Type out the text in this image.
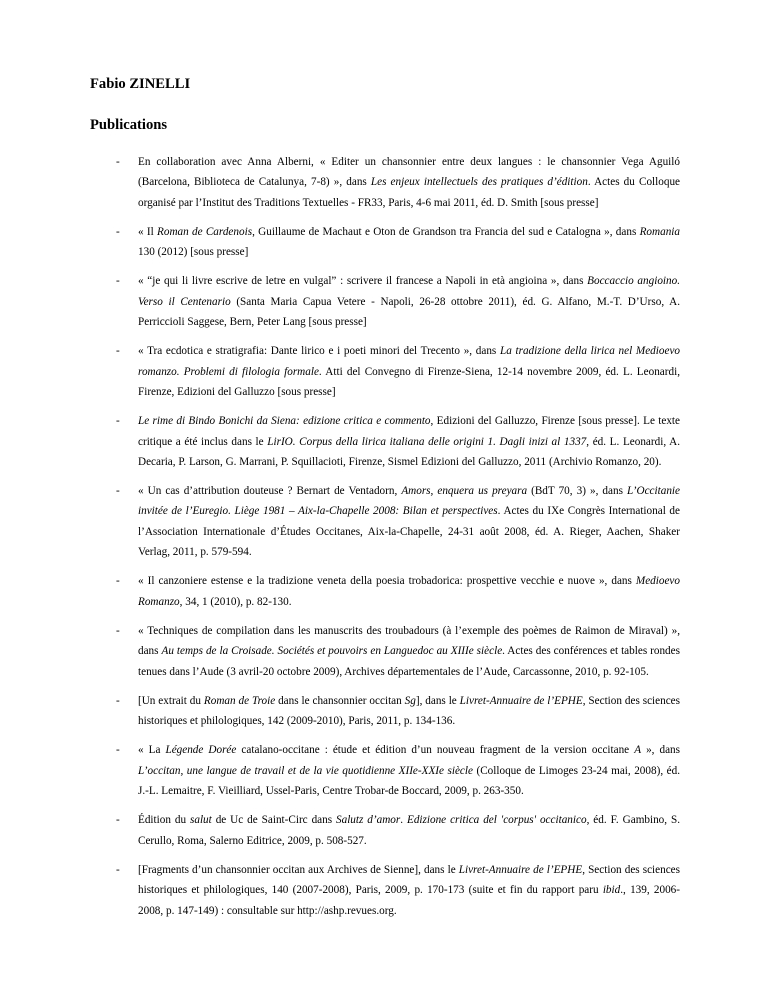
Fabio ZINELLI
Publications
- En collaboration avec Anna Alberni, « Editer un chansonnier entre deux langues : le chansonnier Vega Aguiló (Barcelona, Biblioteca de Catalunya, 7-8) », dans Les enjeux intellectuels des pratiques d’édition. Actes du Colloque organisé par l’Institut des Traditions Textuelles - FR33, Paris, 4-6 mai 2011, éd. D. Smith [sous presse]
- « Il Roman de Cardenois, Guillaume de Machaut e Oton de Grandson tra Francia del sud e Catalogna », dans Romania 130 (2012) [sous presse]
- « “je qui li livre escrive de letre en vulgal” : scrivere il francese a Napoli in età angioina », dans Boccaccio angioino. Verso il Centenario (Santa Maria Capua Vetere - Napoli, 26-28 ottobre 2011), éd. G. Alfano, M.-T. D’Urso, A. Perriccioli Saggese, Bern, Peter Lang [sous presse]
- « Tra ecdotica e stratigrafia: Dante lirico e i poeti minori del Trecento », dans La tradizione della lirica nel Medioevo romanzo. Problemi di filologia formale. Atti del Convegno di Firenze-Siena, 12-14 novembre 2009, éd. L. Leonardi, Firenze, Edizioni del Galluzzo [sous presse]
- Le rime di Bindo Bonichi da Siena: edizione critica e commento, Edizioni del Galluzzo, Firenze [sous presse]. Le texte critique a été inclus dans le LirIO. Corpus della lirica italiana delle origini 1. Dagli inizi al 1337, éd. L. Leonardi, A. Decaria, P. Larson, G. Marrani, P. Squillacioti, Firenze, Sismel Edizioni del Galluzzo, 2011 (Archivio Romanzo, 20).
- « Un cas d’attribution douteuse ? Bernart de Ventadorn, Amors, enquera us preyara (BdT 70, 3) », dans L’Occitanie invitée de l’Euregio. Liège 1981 – Aix-la-Chapelle 2008: Bilan et perspectives. Actes du IXe Congrès International de l’Association Internationale d’Études Occitanes, Aix-la-Chapelle, 24-31 août 2008, éd. A. Rieger, Aachen, Shaker Verlag, 2011, p. 579-594.
- « Il canzoniere estense e la tradizione veneta della poesia trobadorica: prospettive vecchie e nuove », dans Medioevo Romanzo, 34, 1 (2010), p. 82-130.
- « Techniques de compilation dans les manuscrits des troubadours (à l’exemple des poèmes de Raimon de Miraval) », dans Au temps de la Croisade. Sociétés et pouvoirs en Languedoc au XIIIe siècle. Actes des conférences et tables rondes tenues dans l’Aude (3 avril-20 octobre 2009), Archives départementales de l’Aude, Carcassonne, 2010, p. 92-105.
- [Un extrait du Roman de Troie dans le chansonnier occitan Sg], dans le Livret-Annuaire de l’EPHE, Section des sciences historiques et philologiques, 142 (2009-2010), Paris, 2011, p. 134-136.
- « La Légende Dorée catalano-occitane : étude et édition d’un nouveau fragment de la version occitane A », dans L’occitan, une langue de travail et de la vie quotidienne XIIe-XXIe siècle (Colloque de Limoges 23-24 mai, 2008), éd. J.-L. Lemaitre, F. Vieilliard, Ussel-Paris, Centre Trobar-de Boccard, 2009, p. 263-350.
- Édition du salut de Uc de Saint-Circ dans Salutz d’amor. Edizione critica del 'corpus' occitanico, éd. F. Gambino, S. Cerullo, Roma, Salerno Editrice, 2009, p. 508-527.
- [Fragments d’un chansonnier occitan aux Archives de Sienne], dans le Livret-Annuaire de l’EPHE, Section des sciences historiques et philologiques, 140 (2007-2008), Paris, 2009, p. 170-173 (suite et fin du rapport paru ibid., 139, 2006-2008, p. 147-149) : consultable sur http://ashp.revues.org.
